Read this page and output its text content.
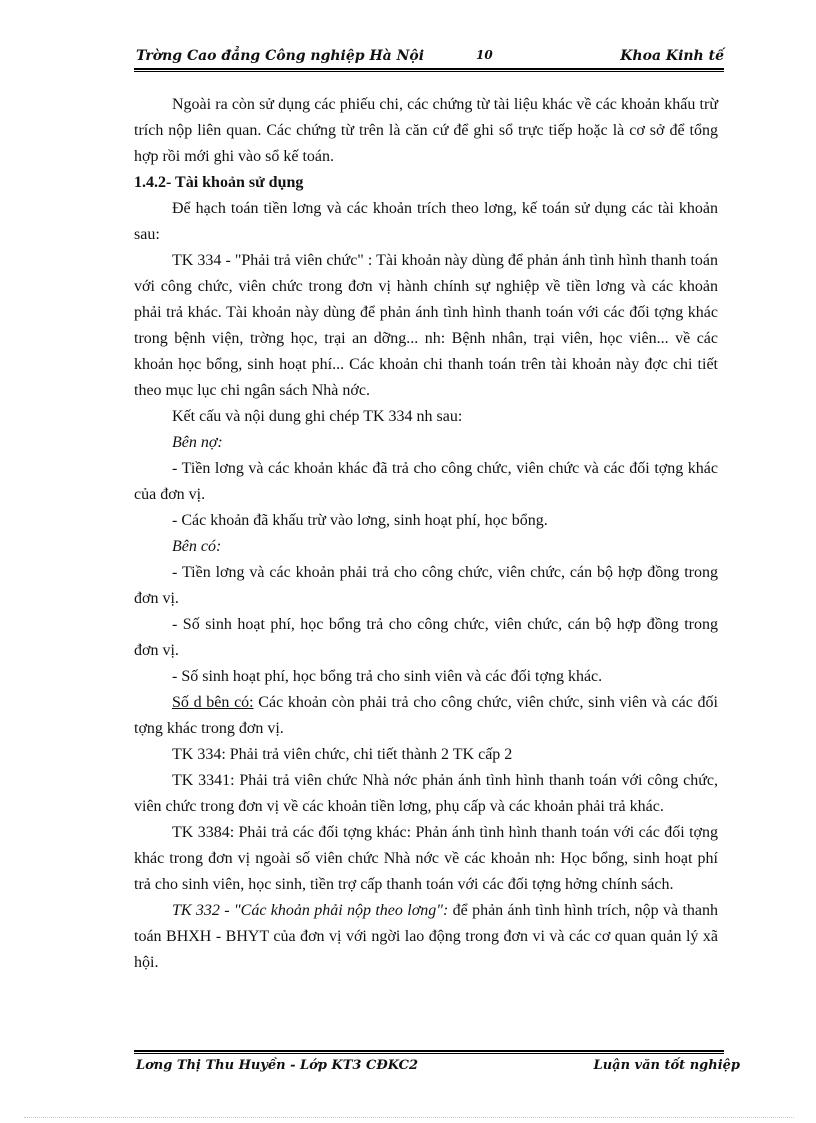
Trờng Cao đẳng Công nghiệp Hà Nội	10	Khoa Kinh tế

Ngoài ra còn sử dụng các phiếu chi, các chứng từ tài liệu khác về các khoản khấu trừ trích nộp liên quan. Các chứng từ trên là căn cứ để ghi sổ trực tiếp hoặc là cơ sở để tổng hợp rồi mới ghi vào sổ kế toán.

1.4.2- Tài khoản sử dụng

Để hạch toán tiền lơng và các khoản trích theo lơng, kế toán sử dụng các tài khoản sau:

TK 334 - "Phải trả viên chức" : Tài khoản này dùng để phản ánh tình hình thanh toán với công chức, viên chức trong đơn vị hành chính sự nghiệp về tiền lơng và các khoản phải trả khác. Tài khoản này dùng để phản ánh tình hình thanh toán với các đối tợng khác trong bệnh viện, trờng học, trại an dỡng... nh: Bệnh nhân, trại viên, học viên... về các khoản học bổng, sinh hoạt phí... Các khoản chi thanh toán trên tài khoản này đợc chi tiết theo mục lục chi ngân sách Nhà nớc.

Kết cấu và nội dung ghi chép TK 334 nh sau:

Bên nợ:

- Tiền lơng và các khoản khác đã trả cho công chức, viên chức và các đối tợng khác của đơn vị.

- Các khoản đã khấu trừ vào lơng, sinh hoạt phí, học bổng.

Bên có:

- Tiền lơng và các khoản phải trả cho công chức, viên chức, cán bộ hợp đồng trong đơn vị.

- Số sinh hoạt phí, học bổng trả cho công chức, viên chức, cán bộ hợp đồng trong đơn vị.

- Số sinh hoạt phí, học bổng trả cho sinh viên và các đối tợng khác.

Số d bên có: Các khoản còn phải trả cho công chức, viên chức, sinh viên và các đối tợng khác trong đơn vị.

TK 334: Phải trả viên chức, chi tiết thành 2 TK cấp 2

TK 3341: Phải trả viên chức Nhà nớc phản ánh tình hình thanh toán với công chức, viên chức trong đơn vị về các khoản tiền lơng, phụ cấp và các khoản phải trả khác.

TK 3384: Phải trả các đối tợng khác: Phản ánh tình hình thanh toán với các đối tợng khác trong đơn vị ngoài số viên chức Nhà nớc về các khoản nh: Học bổng, sinh hoạt phí trả cho sinh viên, học sinh, tiền trợ cấp thanh toán với các đối tợng hởng chính sách.

TK 332 - "Các khoản phải nộp theo lơng": để phản ánh tình hình trích, nộp và thanh toán BHXH - BHYT của đơn vị với ngời lao động trong đơn vi và các cơ quan quản lý xã hội.

Lơng Thị Thu Huyền - Lớp KT3 CĐKC2	Luận văn tốt nghiệp
